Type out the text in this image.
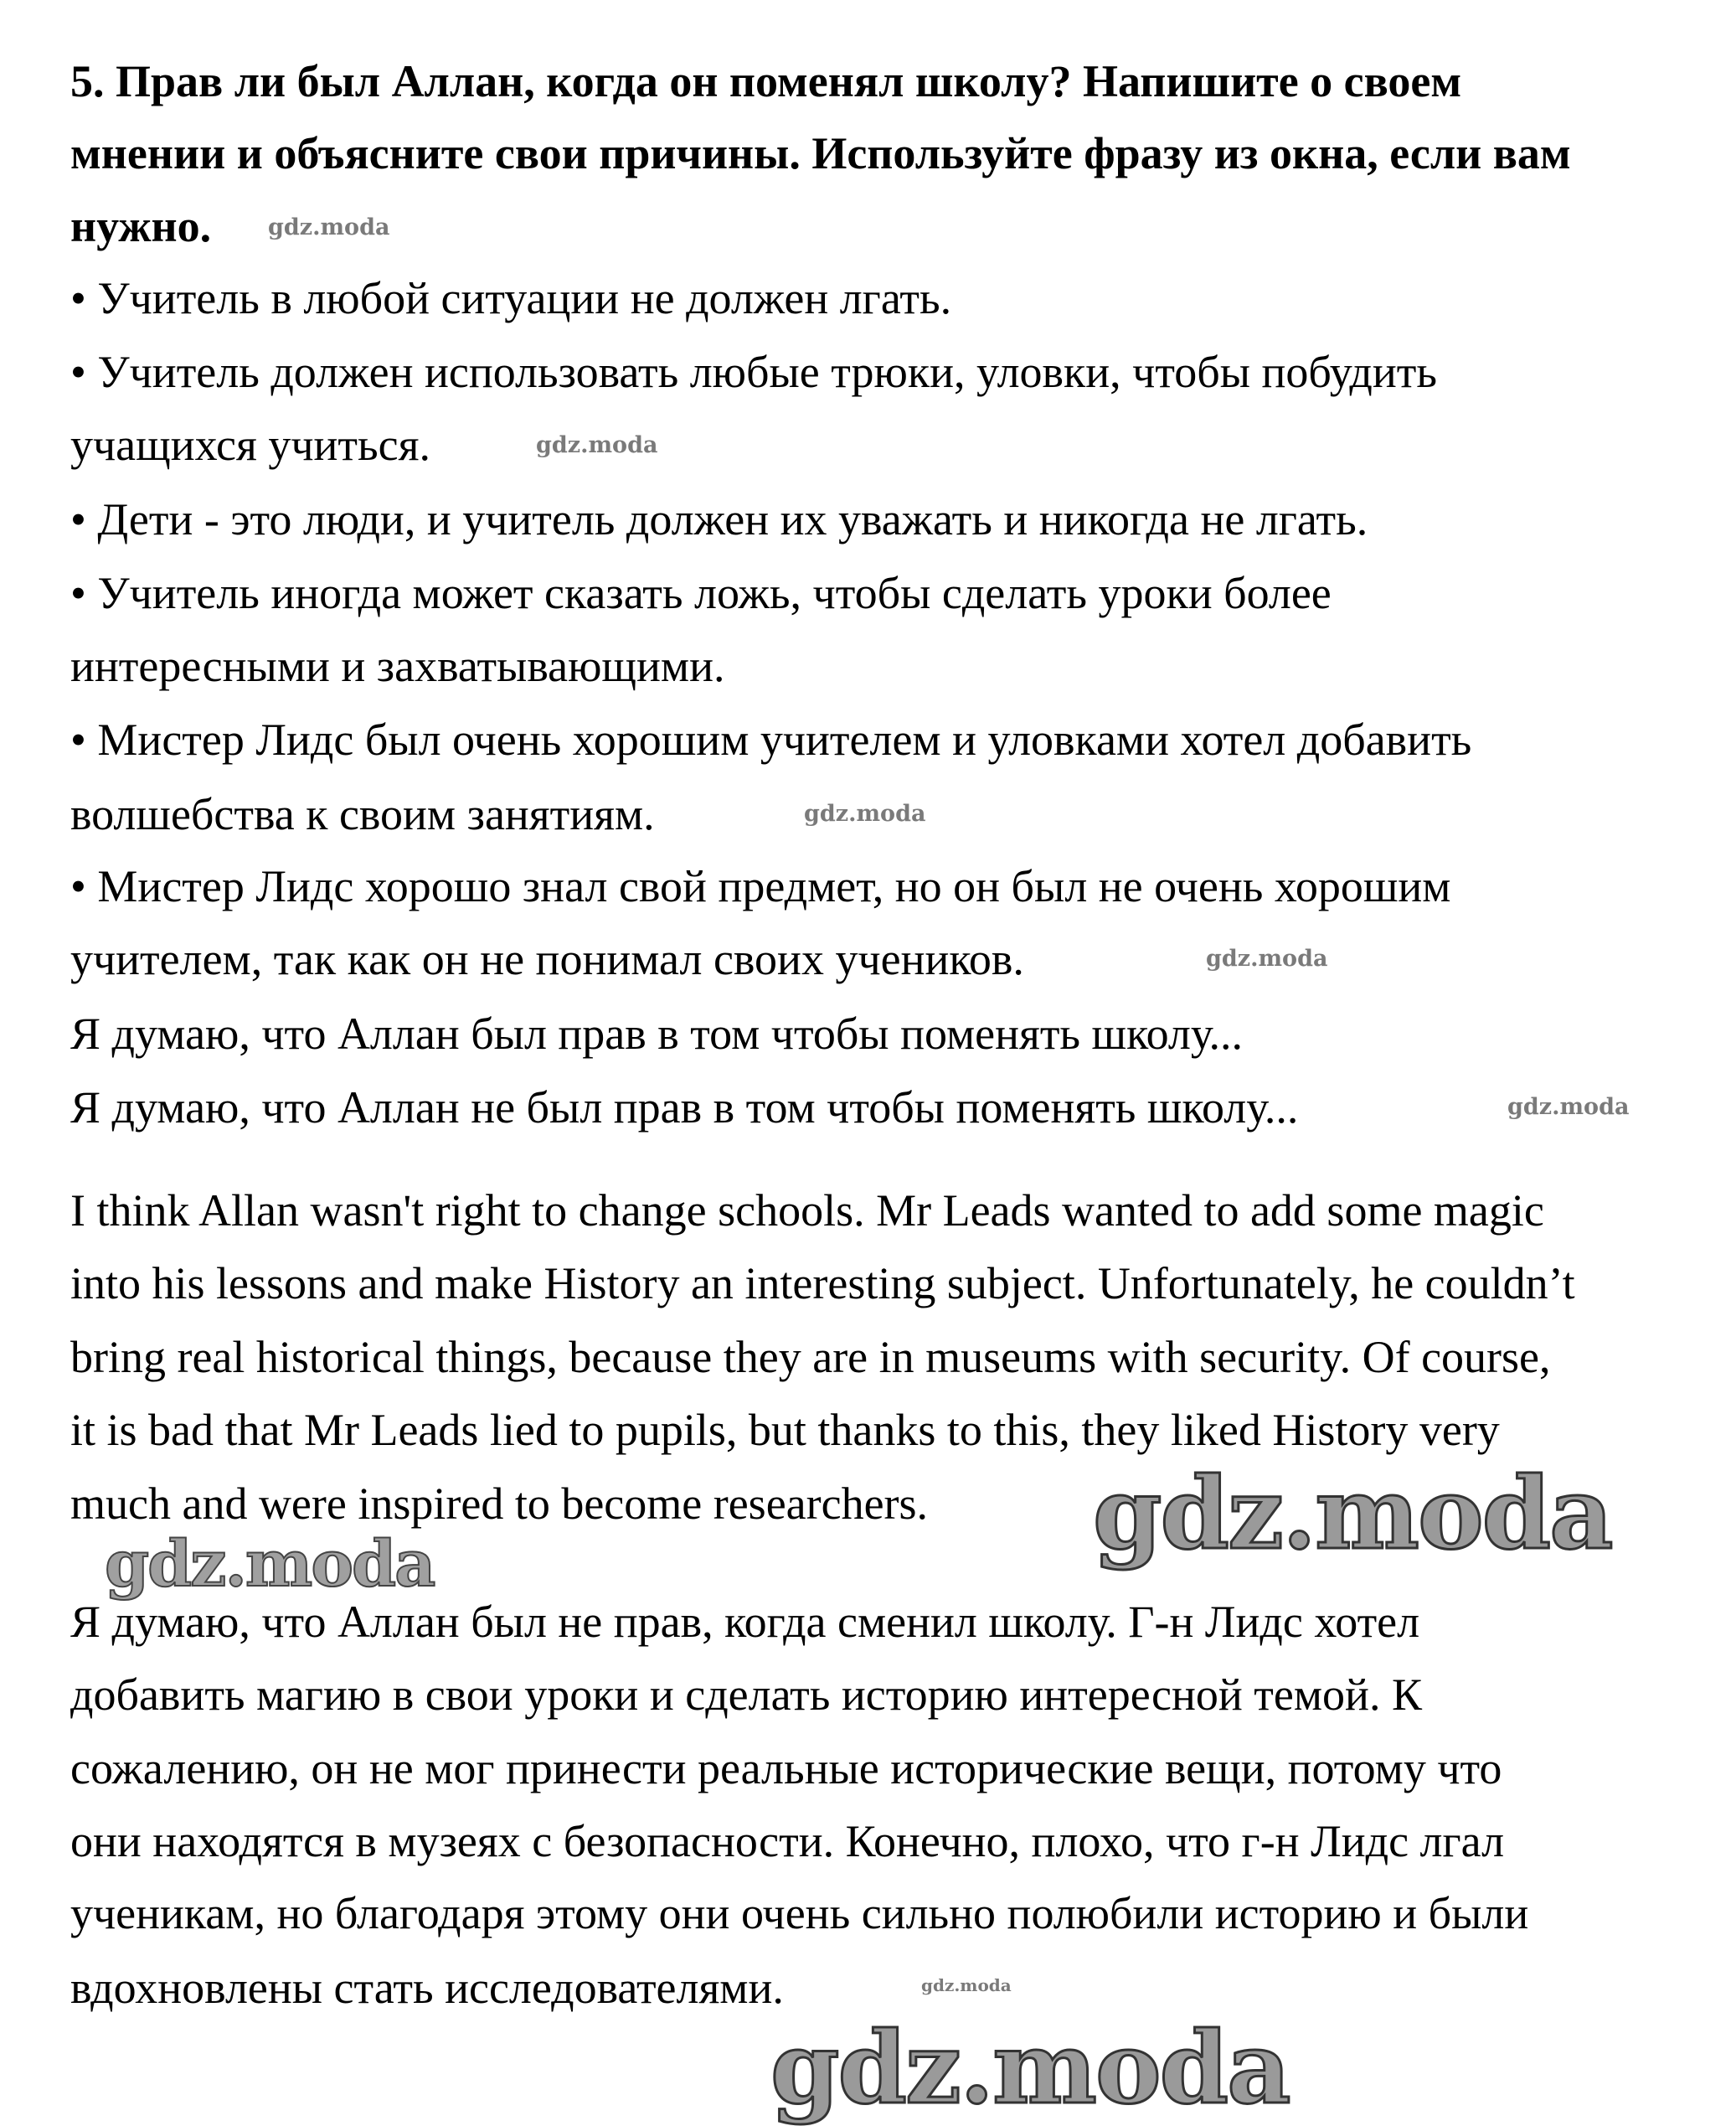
5. Прав ли был Аллан, когда он поменял школу? Напишите о своем
мнении и объясните свои причины. Используйте фразу из окна, если вам
нужно.
• Учитель в любой ситуации не должен лгать.
• Учитель должен использовать любые трюки, уловки, чтобы побудить
учащихся учиться.
• Дети - это люди, и учитель должен их уважать и никогда не лгать.
• Учитель иногда может сказать ложь, чтобы сделать уроки более
интересными и захватывающими.
• Мистер Лидс был очень хорошим учителем и уловками хотел добавить
волшебства к своим занятиям.
• Мистер Лидс хорошо знал свой предмет, но он был не очень хорошим
учителем, так как он не понимал своих учеников.
Я думаю, что Аллан был прав в том чтобы поменять школу...
Я думаю, что Аллан не был прав в том чтобы поменять школу...
I think Allan wasn't right to change schools. Mr Leads wanted to add some magic
into his lessons and make History an interesting subject. Unfortunately, he couldn’t
bring real historical things, because they are in museums with security. Of course,
it is bad that Mr Leads lied to pupils, but thanks to this, they liked History very
much and were inspired to become researchers.
Я думаю, что Аллан был не прав, когда сменил школу. Г-н Лидс хотел
добавить магию в свои уроки и сделать историю интересной темой. К
сожалению, он не мог принести реальные исторические вещи, потому что
они находятся в музеях с безопасности. Конечно, плохо, что г-н Лидс лгал
ученикам, но благодаря этому они очень сильно полюбили историю и были
вдохновлены стать исследователями.
gdz.moda
gdz.moda
gdz.moda
gdz.moda
gdz.moda
gdz.moda
gdz.moda
gdz.moda
gdz.moda
